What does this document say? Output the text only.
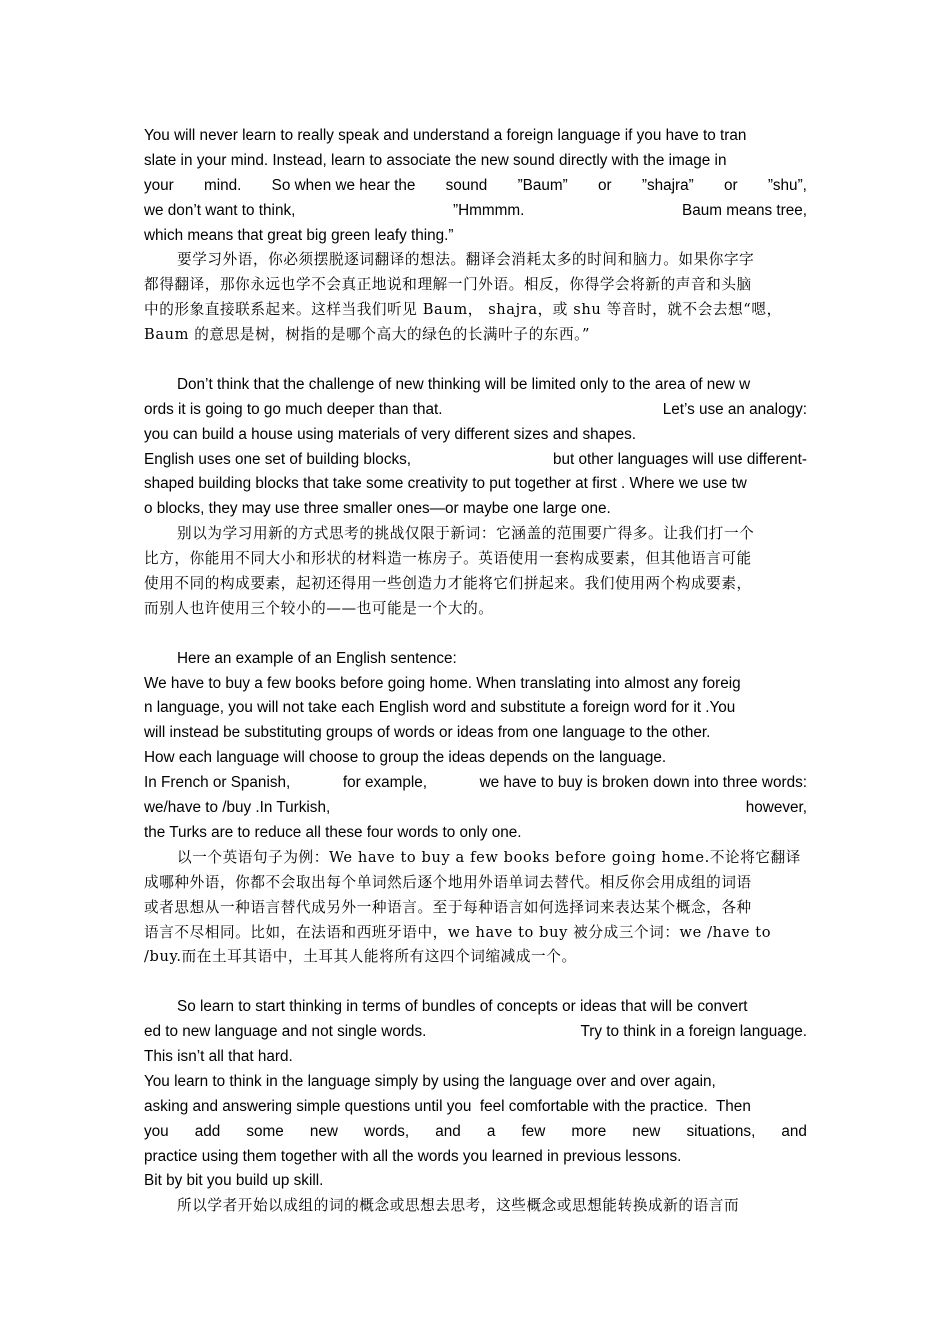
You will never learn to really speak and understand a foreign language if you have to tran
slate in your mind. Instead, learn to associate the new sound directly with the image in
your mind. So when we hear the sound ”Baum” or ”shajra” or ”shu”,
we don’t want to think,	”Hmmmm.	Baum means tree,
which means that great big green leafy thing.”
要学习外语，你必须摆脱逐词翻译的想法。翻译会消耗太多的时间和脑力。如果你字字
都得翻译，那你永远也学不会真正地说和理解一门外语。相反，你得学会将新的声音和头脑
中的形象直接联系起来。这样当我们听见 Baum， shajra，或 shu 等音时，就不会去想“嗯，
Baum 的意思是树，树指的是哪个高大的绿色的长满叶子的东西。”
Don’t think that the challenge of new thinking will be limited only to the area of new w
ords it is going to go much deeper than that.	Let’s use an analogy:
you can build a house using materials of very different sizes and shapes.
English uses one set of building blocks,	but other languages will use different-
shaped building blocks that take some creativity to put together at first . Where we use tw
o blocks, they may use three smaller ones—or maybe one large one.
别以为学习用新的方式思考的挑战仅限于新词：它涵盖的范围要广得多。让我们打一个
比方，你能用不同大小和形状的材料造一栋房子。英语使用一套构成要素，但其他语言可能
使用不同的构成要素，起初还得用一些创造力才能将它们拼起来。我们使用两个构成要素，
而别人也许使用三个较小的——也可能是一个大的。
Here an example of an English sentence:
We have to buy a few books before going home. When translating into almost any foreig
n language, you will not take each English word and substitute a foreign word for it .You
will instead be substituting groups of words or ideas from one language to the other.
How each language will choose to group the ideas depends on the language.
In French or Spanish,	for example,	we have to buy is broken down into three words:
we/have to /buy .In Turkish,	however,
the Turks are to reduce all these four words to only one.
以一个英语句子为例：We have to buy a few books before going home.不论将它翻译
成哪种外语，你都不会取出每个单词然后逐个地用外语单词去替代。相反你会用成组的词语
或者思想从一种语言替代成另外一种语言。至于每种语言如何选择词来表达某个概念，各种
语言不尽相同。比如，在法语和西班牙语中，we have to buy 被分成三个词：we /have to
/buy.而在土耳其语中，土耳其人能将所有这四个词缩减成一个。
So learn to start thinking in terms of bundles of concepts or ideas that will be convert
ed to new language and not single words.	Try to think in a foreign language.
This isn’t all that hard.
You learn to think in the language simply by using the language over and over again,
asking and answering simple questions until you  feel comfortable with the practice.  Then
you add some new words, and a few more new situations, and
practice using them together with all the words you learned in previous lessons.
Bit by bit you build up skill.
所以学者开始以成组的词的概念或思想去思考，这些概念或思想能转换成新的语言而
